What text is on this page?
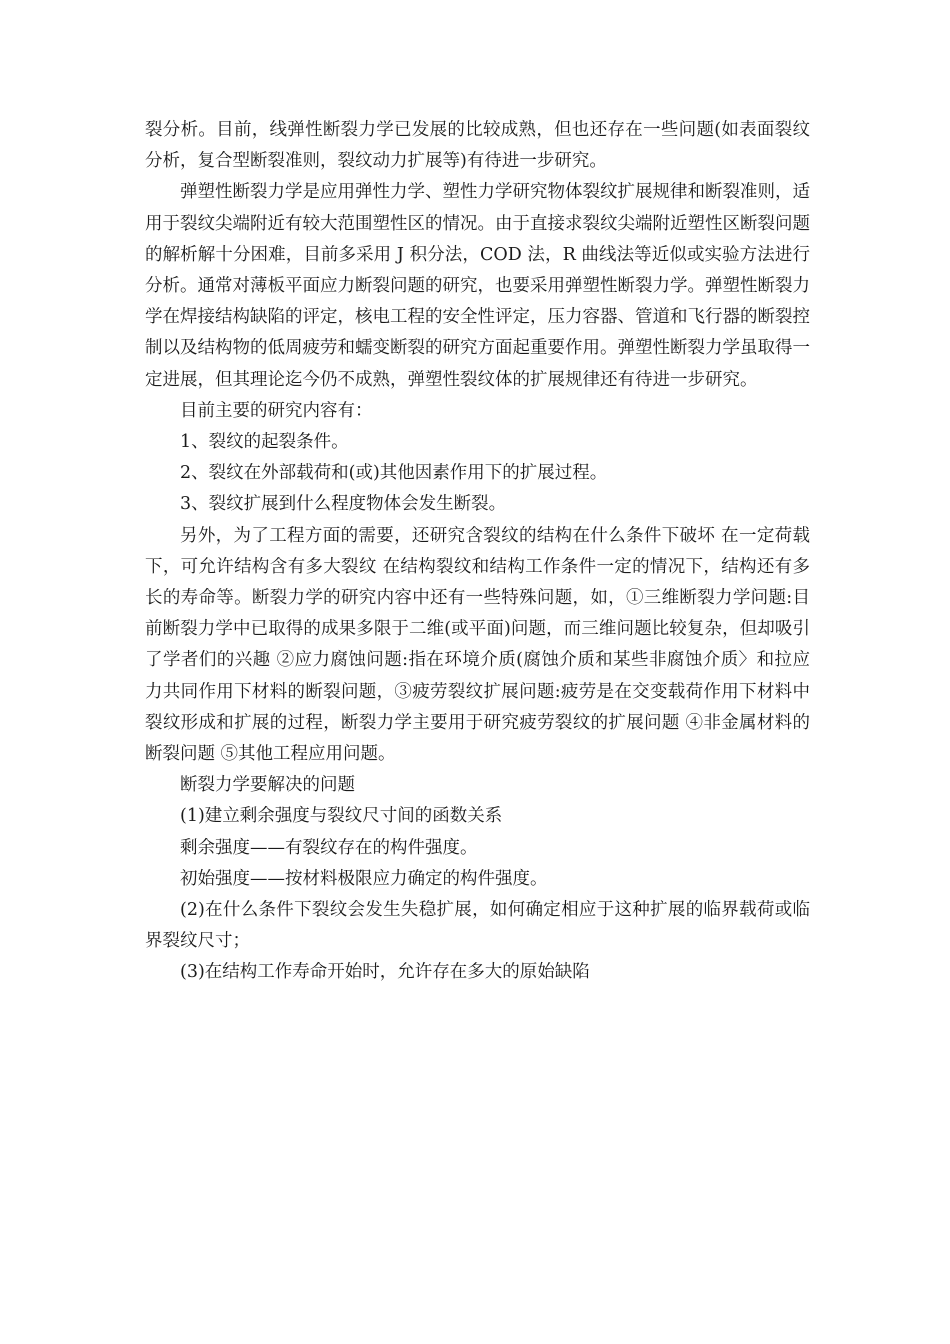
裂分析。目前，线弹性断裂力学已发展的比较成熟，但也还存在一些问题(如表面裂纹分析，复合型断裂准则，裂纹动力扩展等)有待进一步研究。

弹塑性断裂力学是应用弹性力学、塑性力学研究物体裂纹扩展规律和断裂准则，适用于裂纹尖端附近有较大范围塑性区的情况。由于直接求裂纹尖端附近塑性区断裂问题的解析解十分困难，目前多采用 J 积分法，COD 法，R 曲线法等近似或实验方法进行分析。通常对薄板平面应力断裂问题的研究，也要采用弹塑性断裂力学。弹塑性断裂力学在焊接结构缺陷的评定，核电工程的安全性评定，压力容器、管道和飞行器的断裂控制以及结构物的低周疲劳和蠕变断裂的研究方面起重要作用。弹塑性断裂力学虽取得一定进展，但其理论迄今仍不成熟，弹塑性裂纹体的扩展规律还有待进一步研究。

目前主要的研究内容有：

1、裂纹的起裂条件。

2、裂纹在外部载荷和(或)其他因素作用下的扩展过程。

3、裂纹扩展到什么程度物体会发生断裂。

另外，为了工程方面的需要，还研究含裂纹的结构在什么条件下破坏 在一定荷载下，可允许结构含有多大裂纹 在结构裂纹和结构工作条件一定的情况下，结构还有多长的寿命等。断裂力学的研究内容中还有一些特殊问题，如，①三维断裂力学问题:目前断裂力学中已取得的成果多限于二维(或平面)问题，而三维问题比较复杂，但却吸引了学者们的兴趣 ②应力腐蚀问题:指在环境介质(腐蚀介质和某些非腐蚀介质〉和拉应力共同作用下材料的断裂问题，③疲劳裂纹扩展问题:疲劳是在交变载荷作用下材料中裂纹形成和扩展的过程，断裂力学主要用于研究疲劳裂纹的扩展问题 ④非金属材料的断裂问题 ⑤其他工程应用问题。

断裂力学要解决的问题

(1)建立剩余强度与裂纹尺寸间的函数关系

剩余强度——有裂纹存在的构件强度。

初始强度——按材料极限应力确定的构件强度。

(2)在什么条件下裂纹会发生失稳扩展，如何确定相应于这种扩展的临界载荷或临界裂纹尺寸；

(3)在结构工作寿命开始时，允许存在多大的原始缺陷
